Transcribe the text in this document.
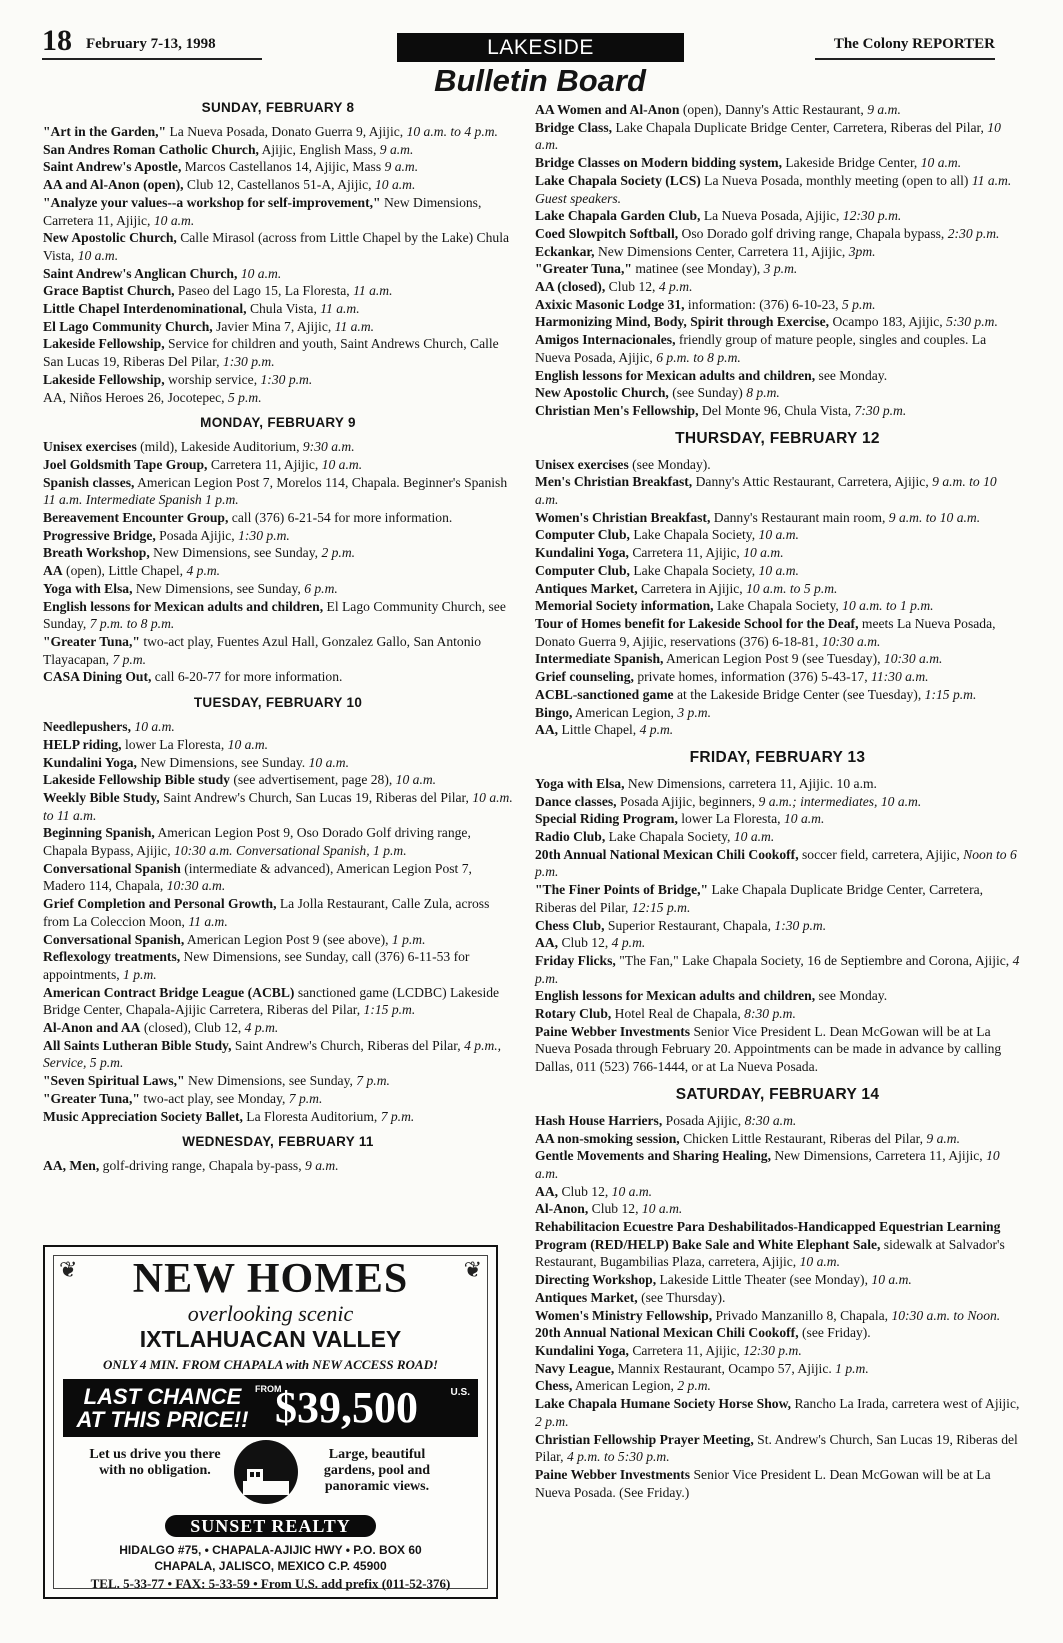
18 February 7-13, 1998	LAKESIDE	The Colony REPORTER
Bulletin Board
SUNDAY, FEBRUARY 8
"Art in the Garden," La Nueva Posada, Donato Guerra 9, Ajijic, 10 a.m. to 4 p.m.
San Andres Roman Catholic Church, Ajijic, English Mass, 9 a.m.
Saint Andrew's Apostle, Marcos Castellanos 14, Ajijic, Mass 9 a.m.
AA and Al-Anon (open), Club 12, Castellanos 51-A, Ajijic, 10 a.m.
"Analyze your values--a workshop for self-improvement," New Dimensions, Carretera 11, Ajijic, 10 a.m.
New Apostolic Church, Calle Mirasol (across from Little Chapel by the Lake) Chula Vista, 10 a.m.
Saint Andrew's Anglican Church, 10 a.m.
Grace Baptist Church, Paseo del Lago 15, La Floresta, 11 a.m.
Little Chapel Interdenominational, Chula Vista, 11 a.m.
El Lago Community Church, Javier Mina 7, Ajijic, 11 a.m.
Lakeside Fellowship, Service for children and youth, Saint Andrews Church, Calle San Lucas 19, Riberas Del Pilar, 1:30 p.m.
Lakeside Fellowship, worship service, 1:30 p.m.
AA, Niños Heroes 26, Jocotepec, 5 p.m.
MONDAY, FEBRUARY 9
Unisex exercises (mild), Lakeside Auditorium, 9:30 a.m.
Joel Goldsmith Tape Group, Carretera 11, Ajijic, 10 a.m.
Spanish classes, American Legion Post 7, Morelos 114, Chapala. Beginner's Spanish 11 a.m. Intermediate Spanish 1 p.m.
Bereavement Encounter Group, call (376) 6-21-54 for more information.
Progressive Bridge, Posada Ajijic, 1:30 p.m.
Breath Workshop, New Dimensions, see Sunday, 2 p.m.
AA (open), Little Chapel, 4 p.m.
Yoga with Elsa, New Dimensions, see Sunday, 6 p.m.
English lessons for Mexican adults and children, El Lago Community Church, see Sunday, 7 p.m. to 8 p.m.
"Greater Tuna," two-act play, Fuentes Azul Hall, Gonzalez Gallo, San Antonio Tlayacapan, 7 p.m.
CASA Dining Out, call 6-20-77 for more information.
TUESDAY, FEBRUARY 10
Needlepushers, 10 a.m.
HELP riding, lower La Floresta, 10 a.m.
Kundalini Yoga, New Dimensions, see Sunday. 10 a.m.
Lakeside Fellowship Bible study (see advertisement, page 28), 10 a.m.
Weekly Bible Study, Saint Andrew's Church, San Lucas 19, Riberas del Pilar, 10 a.m. to 11 a.m.
Beginning Spanish, American Legion Post 9, Oso Dorado Golf driving range, Chapala Bypass, Ajijic, 10:30 a.m. Conversational Spanish, 1 p.m.
Conversational Spanish (intermediate & advanced), American Legion Post 7, Madero 114, Chapala, 10:30 a.m.
Grief Completion and Personal Growth, La Jolla Restaurant, Calle Zula, across from La Coleccion Moon, 11 a.m.
Conversational Spanish, American Legion Post 9 (see above), 1 p.m.
Reflexology treatments, New Dimensions, see Sunday, call (376) 6-11-53 for appointments, 1 p.m.
American Contract Bridge League (ACBL) sanctioned game (LCDBC) Lakeside Bridge Center, Chapala-Ajijic Carretera, Riberas del Pilar, 1:15 p.m.
Al-Anon and AA (closed), Club 12, 4 p.m.
All Saints Lutheran Bible Study, Saint Andrew's Church, Riberas del Pilar, 4 p.m., Service, 5 p.m.
"Seven Spiritual Laws," New Dimensions, see Sunday, 7 p.m.
"Greater Tuna," two-act play, see Monday, 7 p.m.
Music Appreciation Society Ballet, La Floresta Auditorium, 7 p.m.
WEDNESDAY, FEBRUARY 11
AA, Men, golf-driving range, Chapala by-pass, 9 a.m.
AA Women and Al-Anon (open), Danny's Attic Restaurant, 9 a.m.
Bridge Class, Lake Chapala Duplicate Bridge Center, Carretera, Riberas del Pilar, 10 a.m.
Bridge Classes on Modern bidding system, Lakeside Bridge Center, 10 a.m.
Lake Chapala Society (LCS) La Nueva Posada, monthly meeting (open to all) 11 a.m. Guest speakers.
Lake Chapala Garden Club, La Nueva Posada, Ajijic, 12:30 p.m.
Coed Slowpitch Softball, Oso Dorado golf driving range, Chapala bypass, 2:30 p.m.
Eckankar, New Dimensions Center, Carretera 11, Ajijic, 3pm.
"Greater Tuna," matinee (see Monday), 3 p.m.
AA (closed), Club 12, 4 p.m.
Axixic Masonic Lodge 31, information: (376) 6-10-23, 5 p.m.
Harmonizing Mind, Body, Spirit through Exercise, Ocampo 183, Ajijic, 5:30 p.m.
Amigos Internacionales, friendly group of mature people, singles and couples. La Nueva Posada, Ajijic, 6 p.m. to 8 p.m.
English lessons for Mexican adults and children, see Monday.
New Apostolic Church, (see Sunday) 8 p.m.
Christian Men's Fellowship, Del Monte 96, Chula Vista, 7:30 p.m.
THURSDAY, FEBRUARY 12
Unisex exercises (see Monday).
Men's Christian Breakfast, Danny's Attic Restaurant, Carretera, Ajijic, 9 a.m. to 10 a.m.
Women's Christian Breakfast, Danny's Restaurant main room, 9 a.m. to 10 a.m.
Computer Club, Lake Chapala Society, 10 a.m.
Kundalini Yoga, Carretera 11, Ajijic, 10 a.m.
Computer Club, Lake Chapala Society, 10 a.m.
Antiques Market, Carretera in Ajijic, 10 a.m. to 5 p.m.
Memorial Society information, Lake Chapala Society, 10 a.m. to 1 p.m.
Tour of Homes benefit for Lakeside School for the Deaf, meets La Nueva Posada, Donato Guerra 9, Ajijic, reservations (376) 6-18-81, 10:30 a.m.
Intermediate Spanish, American Legion Post 9 (see Tuesday), 10:30 a.m.
Grief counseling, private homes, information (376) 5-43-17, 11:30 a.m.
ACBL-sanctioned game at the Lakeside Bridge Center (see Tuesday), 1:15 p.m.
Bingo, American Legion, 3 p.m.
AA, Little Chapel, 4 p.m.
FRIDAY, FEBRUARY 13
Yoga with Elsa, New Dimensions, carretera 11, Ajijic. 10 a.m.
Dance classes, Posada Ajijic, beginners, 9 a.m.; intermediates, 10 a.m.
Special Riding Program, lower La Floresta, 10 a.m.
Radio Club, Lake Chapala Society, 10 a.m.
20th Annual National Mexican Chili Cookoff, soccer field, carretera, Ajijic, Noon to 6 p.m.
"The Finer Points of Bridge," Lake Chapala Duplicate Bridge Center, Carretera, Riberas del Pilar, 12:15 p.m.
Chess Club, Superior Restaurant, Chapala, 1:30 p.m.
AA, Club 12, 4 p.m.
Friday Flicks, "The Fan," Lake Chapala Society, 16 de Septiembre and Corona, Ajijic, 4 p.m.
English lessons for Mexican adults and children, see Monday.
Rotary Club, Hotel Real de Chapala, 8:30 p.m.
Paine Webber Investments Senior Vice President L. Dean McGowan will be at La Nueva Posada through February 20. Appointments can be made in advance by calling Dallas, 011 (523) 766-1444, or at La Nueva Posada.
SATURDAY, FEBRUARY 14
Hash House Harriers, Posada Ajijic, 8:30 a.m.
AA non-smoking session, Chicken Little Restaurant, Riberas del Pilar, 9 a.m.
Gentle Movements and Sharing Healing, New Dimensions, Carretera 11, Ajijic, 10 a.m.
AA, Club 12, 10 a.m.
Al-Anon, Club 12, 10 a.m.
Rehabilitacion Ecuestre Para Deshabilitados-Handicapped Equestrian Learning Program (RED/HELP) Bake Sale and White Elephant Sale, sidewalk at Salvador's Restaurant, Bugambilias Plaza, carretera, Ajijic, 10 a.m.
Directing Workshop, Lakeside Little Theater (see Monday), 10 a.m.
Antiques Market, (see Thursday).
Women's Ministry Fellowship, Privado Manzanillo 8, Chapala, 10:30 a.m. to Noon.
20th Annual National Mexican Chili Cookoff, (see Friday).
Kundalini Yoga, Carretera 11, Ajijic, 12:30 p.m.
Navy League, Mannix Restaurant, Ocampo 57, Ajijic. 1 p.m.
Chess, American Legion, 2 p.m.
Lake Chapala Humane Society Horse Show, Rancho La Irada, carretera west of Ajijic, 2 p.m.
Christian Fellowship Prayer Meeting, St. Andrew's Church, San Lucas 19, Riberas del Pilar, 4 p.m. to 5:30 p.m.
Paine Webber Investments Senior Vice President L. Dean McGowan will be at La Nueva Posada. (See Friday.)
❦	❦
NEW HOMES
overlooking scenic
IXTLAHUACAN VALLEY
ONLY 4 MIN. FROM CHAPALA with NEW ACCESS ROAD!
LAST CHANCE AT THIS PRICE!!
FROM
$39,500	U.S.
Let us drive you there with no obligation.
Large, beautiful gardens, pool and panoramic views.
SUNSET REALTY
HIDALGO #75, • CHAPALA-AJIJIC HWY • P.O. BOX 60
CHAPALA, JALISCO, MEXICO C.P. 45900
TEL. 5-33-77 • FAX: 5-33-59 • From U.S. add prefix (011-52-376)
